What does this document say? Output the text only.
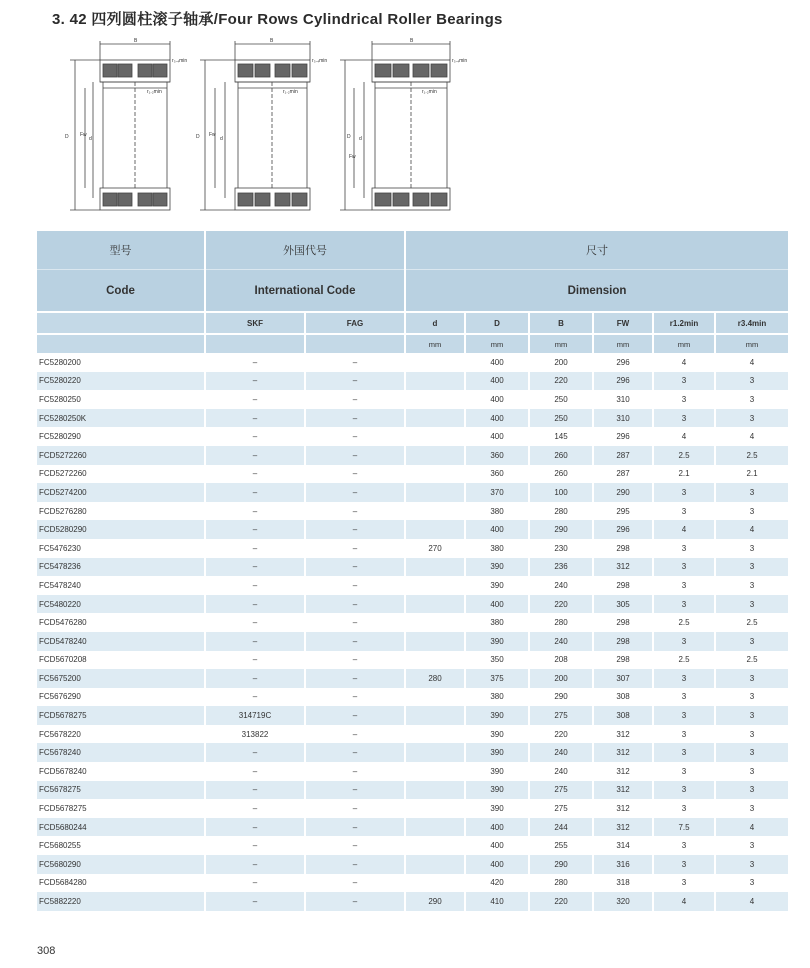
3. 42 四列圆柱滚子轴承/Four Rows Cylindrical Roller Bearings
B
r₃.₄min
r₁.₂min
D Fw
d
B
r₃.₄min
r₁.₂min
D Fw
d
B
r₃.₄min
r₁.₂min
D
Fw
d
型号	外国代号		尺寸					
Code	International Code		Dimension					
	SKF	FAG	d	D	B	FW	r1.2min	r3.4min
			mm	mm	mm	mm	mm	mm
FC5280200	–	–		400	200	296	4	4
FC5280220	–	–		400	220	296	3	3
FC5280250	–	–		400	250	310	3	3
FC5280250K	–	–		400	250	310	3	3
FC5280290	–	–		400	145	296	4	4
FCD5272260	–	–		360	260	287	2.5	2.5
FCD5272260	–	–		360	260	287	2.1	2.1
FCD5274200	–	–		370	100	290	3	3
FCD5276280	–	–		380	280	295	3	3
FCD5280290	–	–		400	290	296	4	4
FC5476230	–	–	270	380	230	298	3	3
FC5478236	–	–		390	236	312	3	3
FC5478240	–	–		390	240	298	3	3
FC5480220	–	–		400	220	305	3	3
FCD5476280	–	–		380	280	298	2.5	2.5
FCD5478240	–	–		390	240	298	3	3
FCD5670208	–	–		350	208	298	2.5	2.5
FC5675200	–	–	280	375	200	307	3	3
FC5676290	–	–		380	290	308	3	3
FCD5678275	314719C	–		390	275	308	3	3
FC5678220	313822	–		390	220	312	3	3
FC5678240	–	–		390	240	312	3	3
FCD5678240	–	–		390	240	312	3	3
FC5678275	–	–		390	275	312	3	3
FCD5678275	–	–		390	275	312	3	3
FCD5680244	–	–		400	244	312	7.5	4
FC5680255	–	–		400	255	314	3	3
FC5680290	–	–		400	290	316	3	3
FCD5684280	–	–		420	280	318	3	3
FC5882220	–	–	290	410	220	320	4	4
308
